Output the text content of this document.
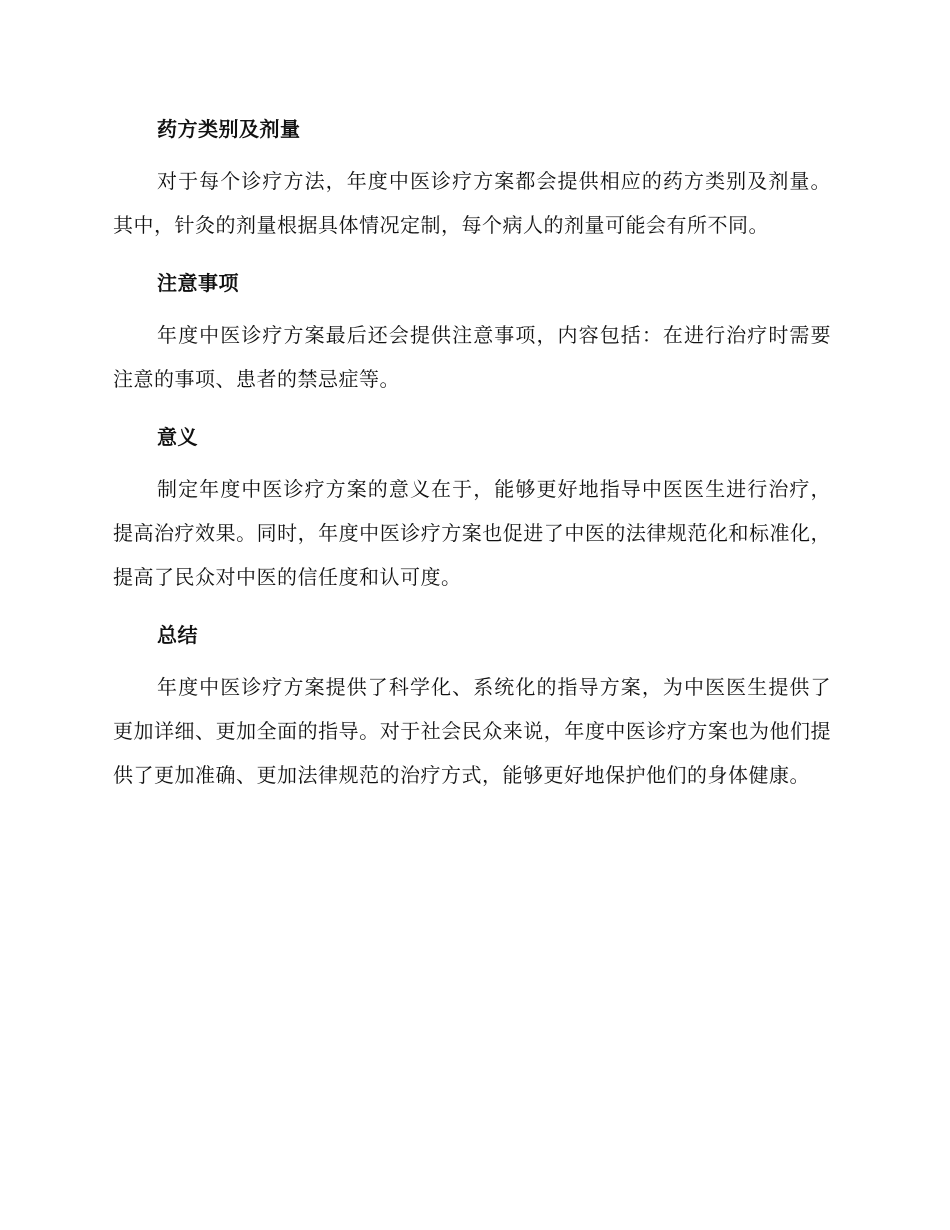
药方类别及剂量

对于每个诊疗方法，年度中医诊疗方案都会提供相应的药方类别及剂量。其中，针灸的剂量根据具体情况定制，每个病人的剂量可能会有所不同。

注意事项

年度中医诊疗方案最后还会提供注意事项，内容包括：在进行治疗时需要注意的事项、患者的禁忌症等。

意义

制定年度中医诊疗方案的意义在于，能够更好地指导中医医生进行治疗，提高治疗效果。同时，年度中医诊疗方案也促进了中医的法律规范化和标准化，提高了民众对中医的信任度和认可度。

总结

年度中医诊疗方案提供了科学化、系统化的指导方案，为中医医生提供了更加详细、更加全面的指导。对于社会民众来说，年度中医诊疗方案也为他们提供了更加准确、更加法律规范的治疗方式，能够更好地保护他们的身体健康。
